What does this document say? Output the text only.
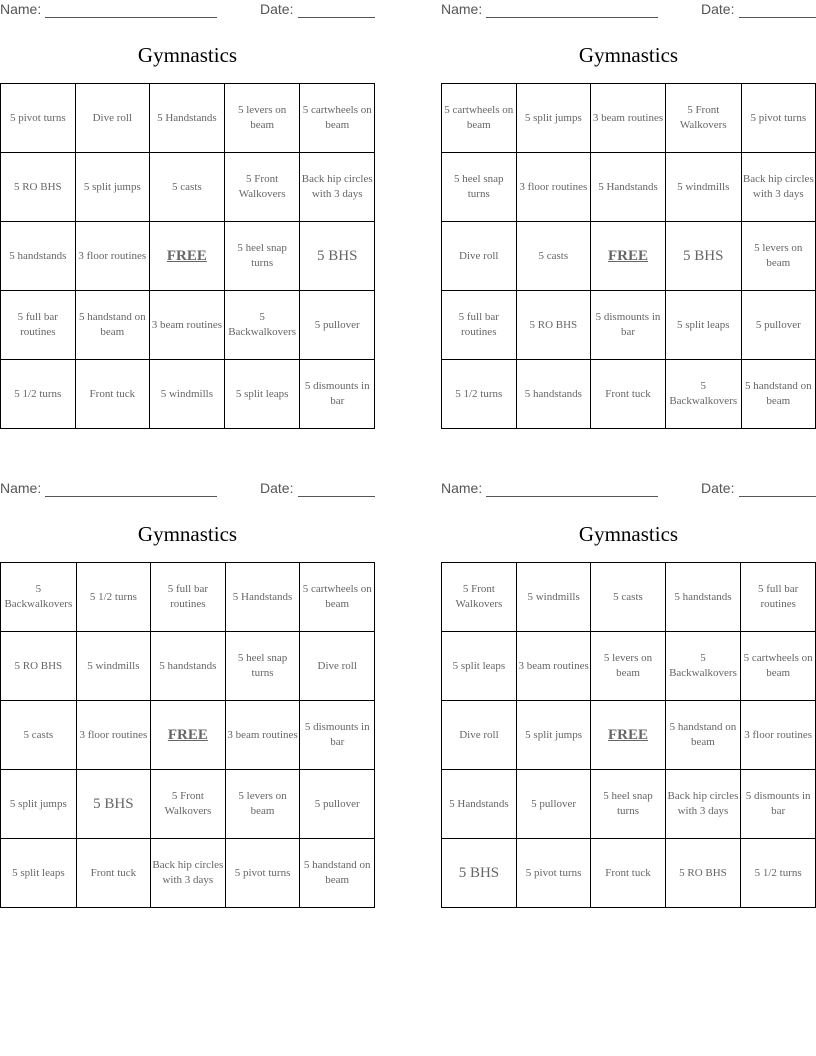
Name:	Date:
Gymnastics
5 pivot turns	Dive roll	5 Handstands	5 levers on beam	5 cartwheels on beam
5 RO BHS	5 split jumps	5 casts	5 Front Walkovers	Back hip circles with 3 days
5 handstands	3 floor routines	FREE	5 heel snap turns	5 BHS
5 full bar routines	5 handstand on beam	3 beam routines	5 Backwalkovers	5 pullover
5 1/2 turns	Front tuck	5 windmills	5 split leaps	5 dismounts in bar
Name:	Date:
Gymnastics
5 cartwheels on beam	5 split jumps	3 beam routines	5 Front Walkovers	5 pivot turns
5 heel snap turns	3 floor routines	5 Handstands	5 windmills	Back hip circles with 3 days
Dive roll	5 casts	FREE	5 BHS	5 levers on beam
5 full bar routines	5 RO BHS	5 dismounts in bar	5 split leaps	5 pullover
5 1/2 turns	5 handstands	Front tuck	5 Backwalkovers	5 handstand on beam
Name:	Date:
Gymnastics
5 Backwalkovers	5 1/2 turns	5 full bar routines	5 Handstands	5 cartwheels on beam
5 RO BHS	5 windmills	5 handstands	5 heel snap turns	Dive roll
5 casts	3 floor routines	FREE	3 beam routines	5 dismounts in bar
5 split jumps	5 BHS	5 Front Walkovers	5 levers on beam	5 pullover
5 split leaps	Front tuck	Back hip circles with 3 days	5 pivot turns	5 handstand on beam
Name:	Date:
Gymnastics
5 Front Walkovers	5 windmills	5 casts	5 handstands	5 full bar routines
5 split leaps	3 beam routines	5 levers on beam	5 Backwalkovers	5 cartwheels on beam
Dive roll	5 split jumps	FREE	5 handstand on beam	3 floor routines
5 Handstands	5 pullover	5 heel snap turns	Back hip circles with 3 days	5 dismounts in bar
5 BHS	5 pivot turns	Front tuck	5 RO BHS	5 1/2 turns
